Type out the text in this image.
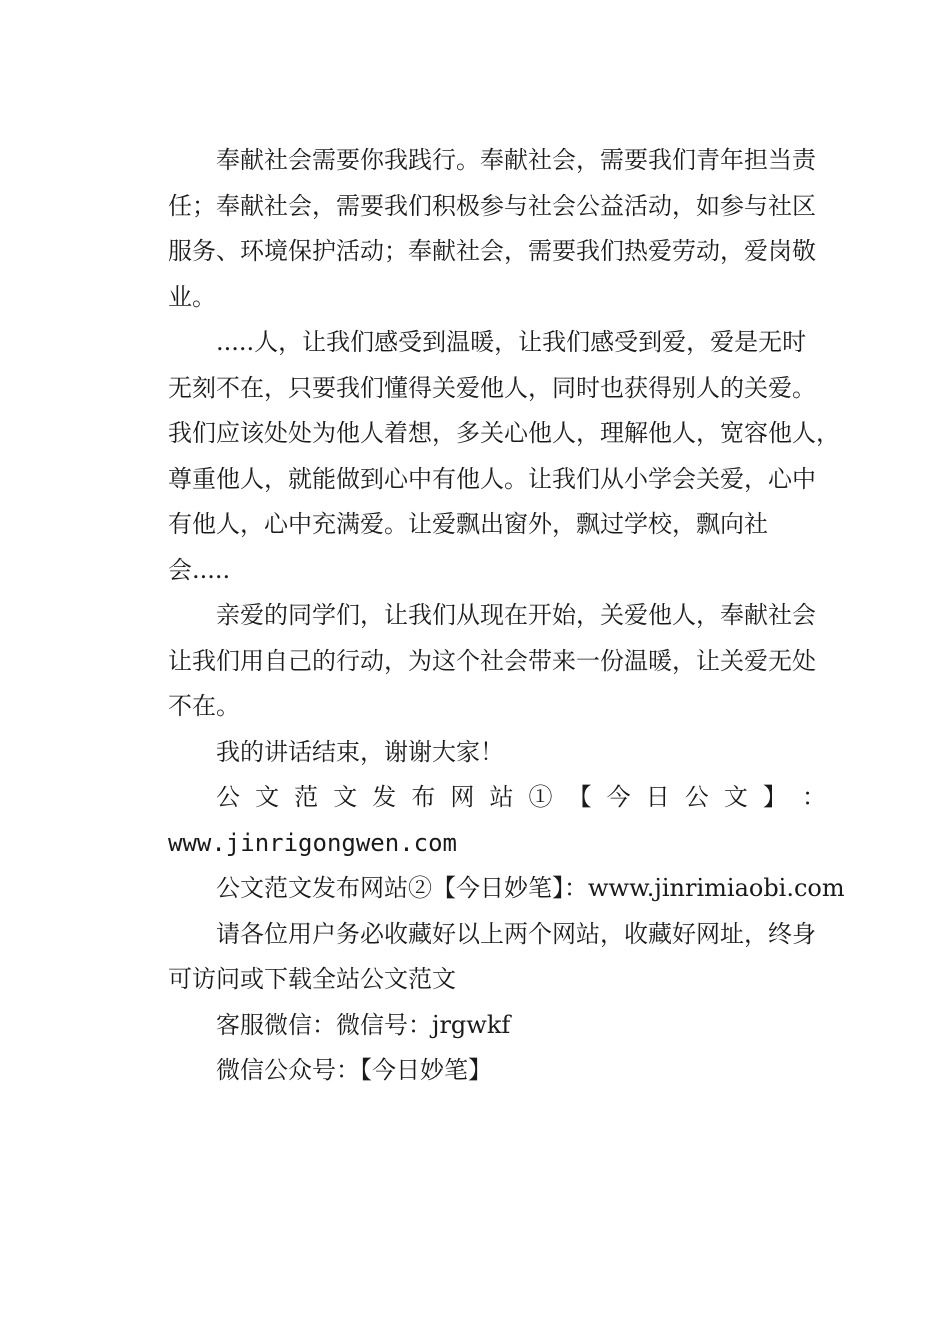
奉献社会需要你我践行。奉献社会，需要我们青年担当责
任；奉献社会，需要我们积极参与社会公益活动，如参与社区
服务、环境保护活动；奉献社会，需要我们热爱劳动，爱岗敬
业。
.....人，让我们感受到温暖，让我们感受到爱，爱是无时
无刻不在，只要我们懂得关爱他人，同时也获得别人的关爱。
我们应该处处为他人着想，多关心他人，理解他人，宽容他人，
尊重他人，就能做到心中有他人。让我们从小学会关爱，心中
有他人，心中充满爱。让爱飘出窗外，飘过学校，飘向社
会.....
亲爱的同学们，让我们从现在开始，关爱他人，奉献社会
让我们用自己的行动，为这个社会带来一份温暖，让关爱无处
不在。
我的讲话结束，谢谢大家！
公 文 范 文 发 布 网 站 ① 【 今 日 公 文 】 ：
www.jinrigongwen.com
公文范文发布网站②【今日妙笔】：www.jinrimiaobi.com
请各位用户务必收藏好以上两个网站，收藏好网址，终身
可访问或下载全站公文范文
客服微信：微信号：jrgwkf
微信公众号：【今日妙笔】
